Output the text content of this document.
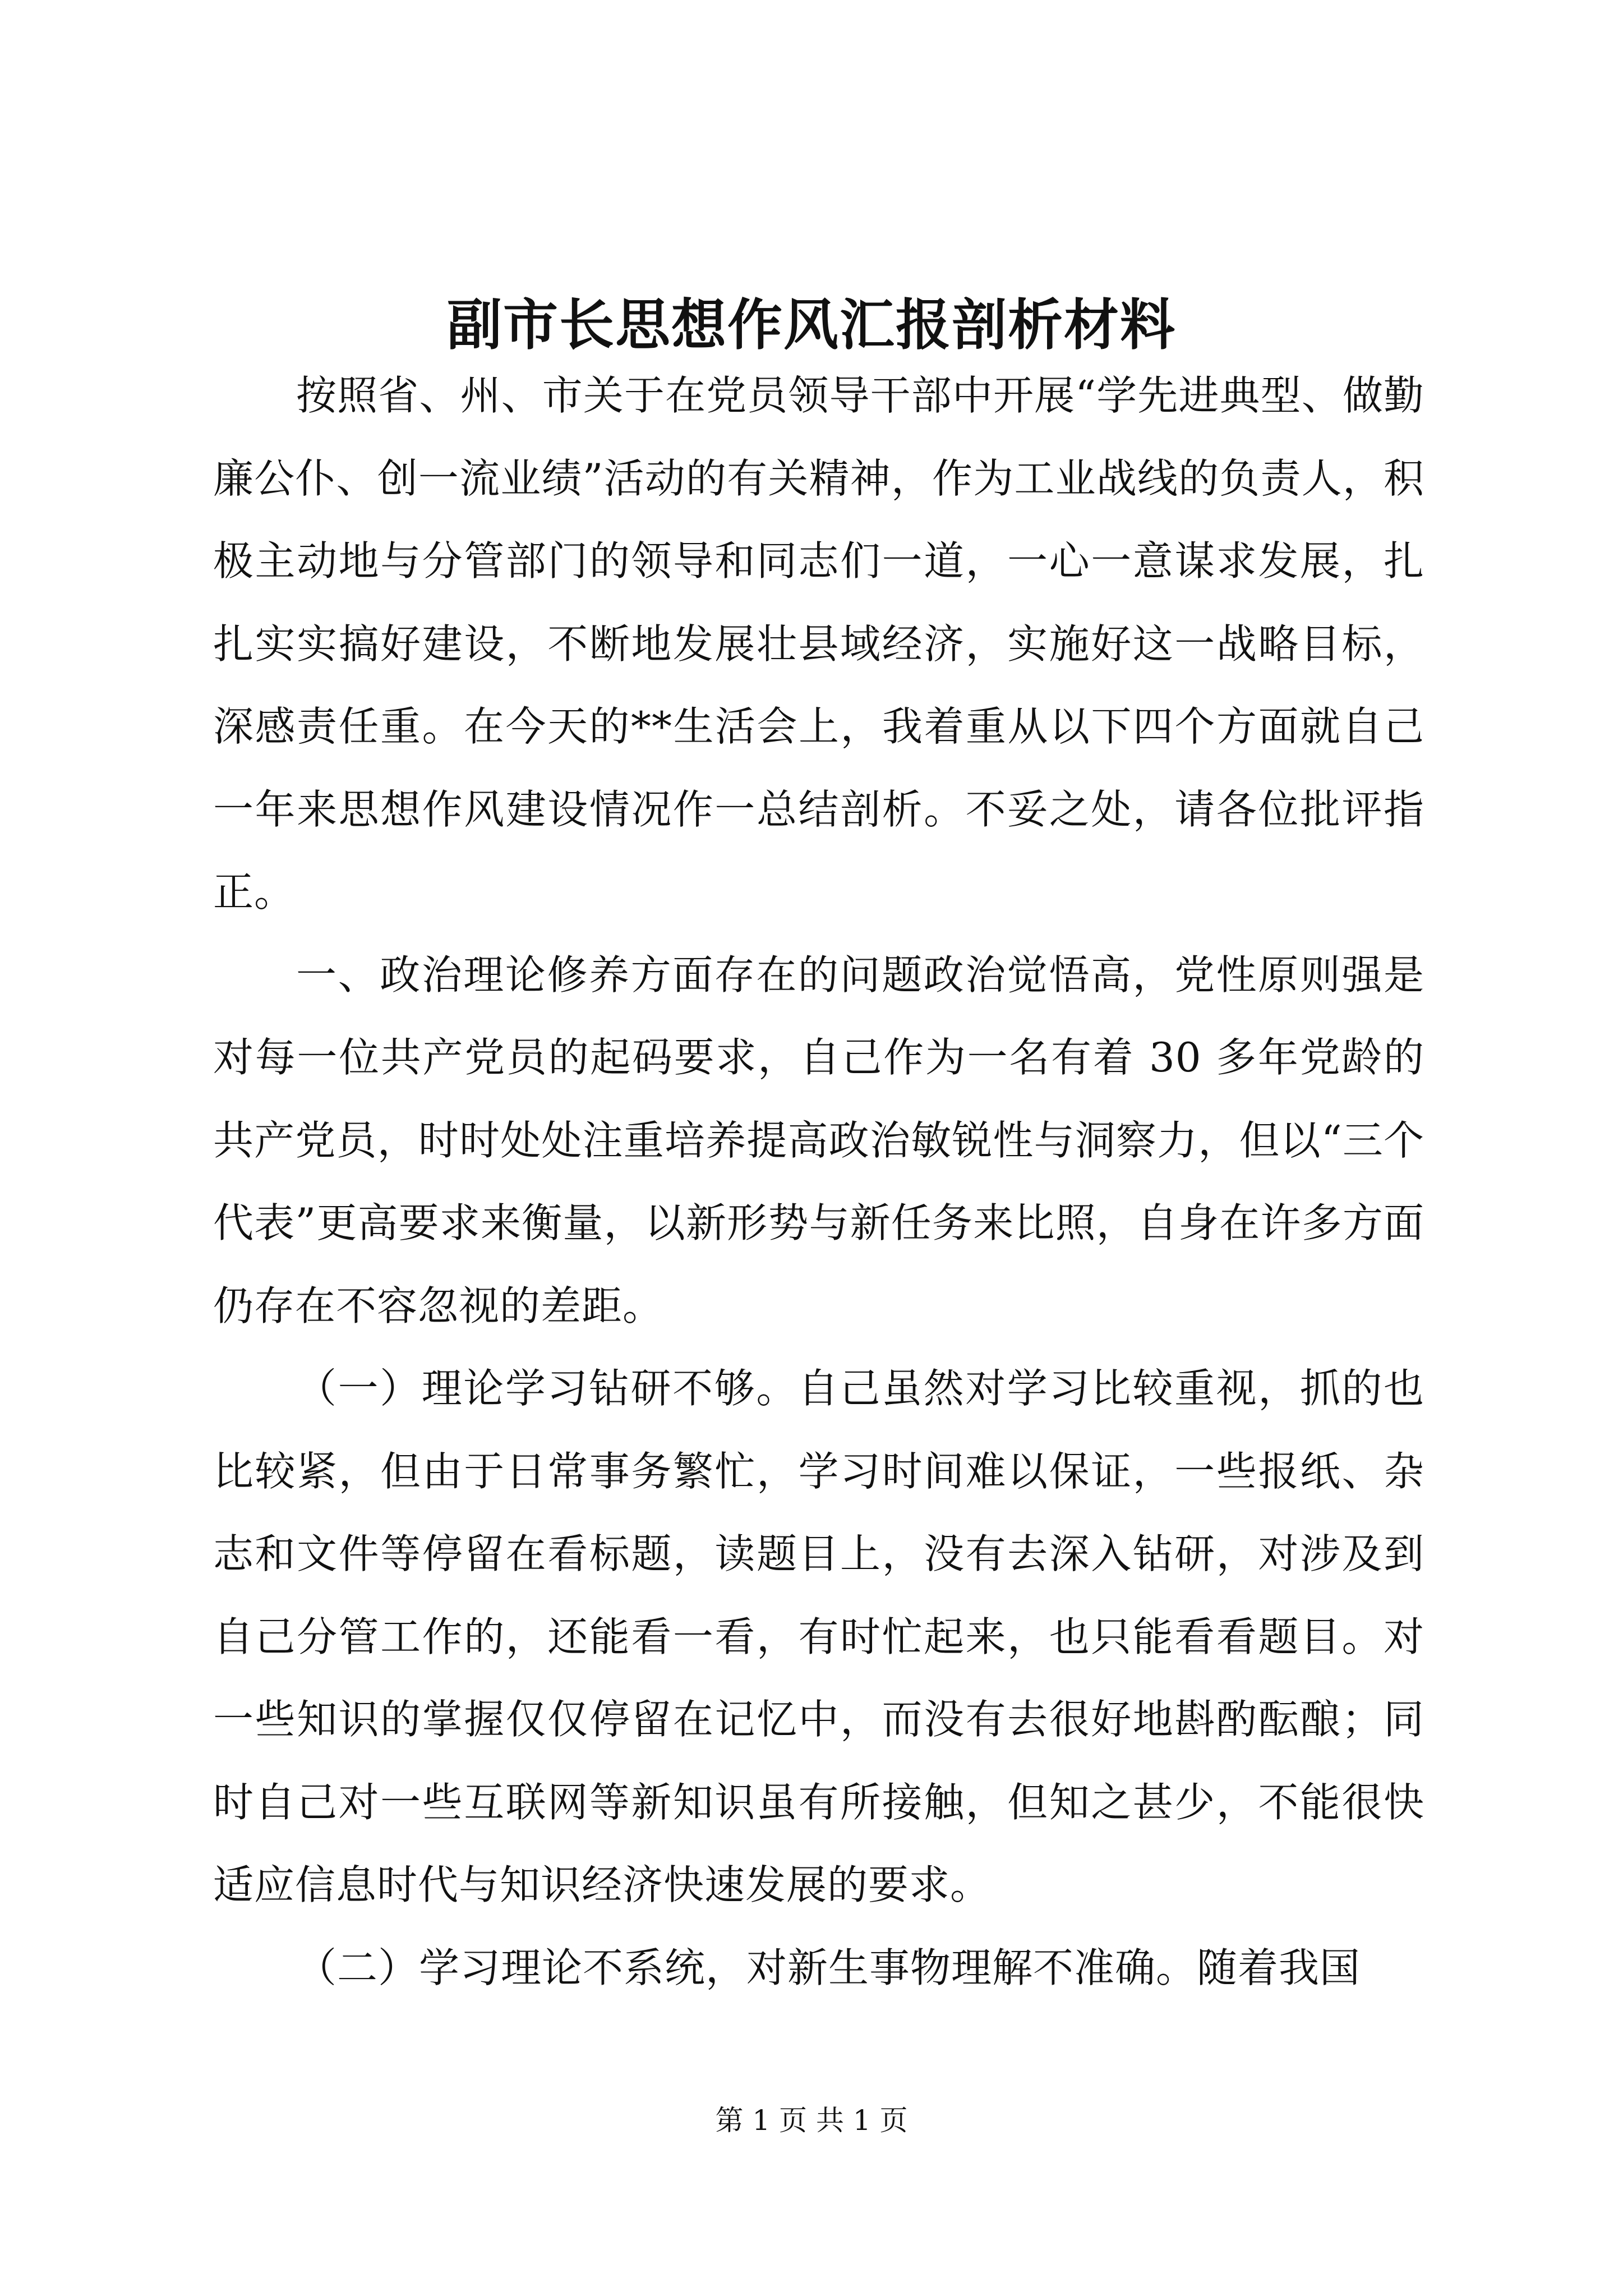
副市长思想作风汇报剖析材料

按照省、州、市关于在党员领导干部中开展“学先进典型、做勤廉公仆、创一流业绩”活动的有关精神，作为工业战线的负责人，积极主动地与分管部门的领导和同志们一道，一心一意谋求发展，扎扎实实搞好建设，不断地发展壮县域经济，实施好这一战略目标，深感责任重。在今天的**生活会上，我着重从以下四个方面就自己一年来思想作风建设情况作一总结剖析。不妥之处，请各位批评指正。

一、政治理论修养方面存在的问题政治觉悟高，党性原则强是对每一位共产党员的起码要求，自己作为一名有着 30 多年党龄的共产党员，时时处处注重培养提高政治敏锐性与洞察力，但以“三个代表”更高要求来衡量，以新形势与新任务来比照，自身在许多方面仍存在不容忽视的差距。

（一）理论学习钻研不够。自己虽然对学习比较重视，抓的也比较紧，但由于日常事务繁忙，学习时间难以保证，一些报纸、杂志和文件等停留在看标题，读题目上，没有去深入钻研，对涉及到自己分管工作的，还能看一看，有时忙起来，也只能看看题目。对一些知识的掌握仅仅停留在记忆中，而没有去很好地斟酌酝酿；同时自己对一些互联网等新知识虽有所接触，但知之甚少，不能很快适应信息时代与知识经济快速发展的要求。

（二）学习理论不系统，对新生事物理解不准确。随着我国

第 1 页 共 1 页
